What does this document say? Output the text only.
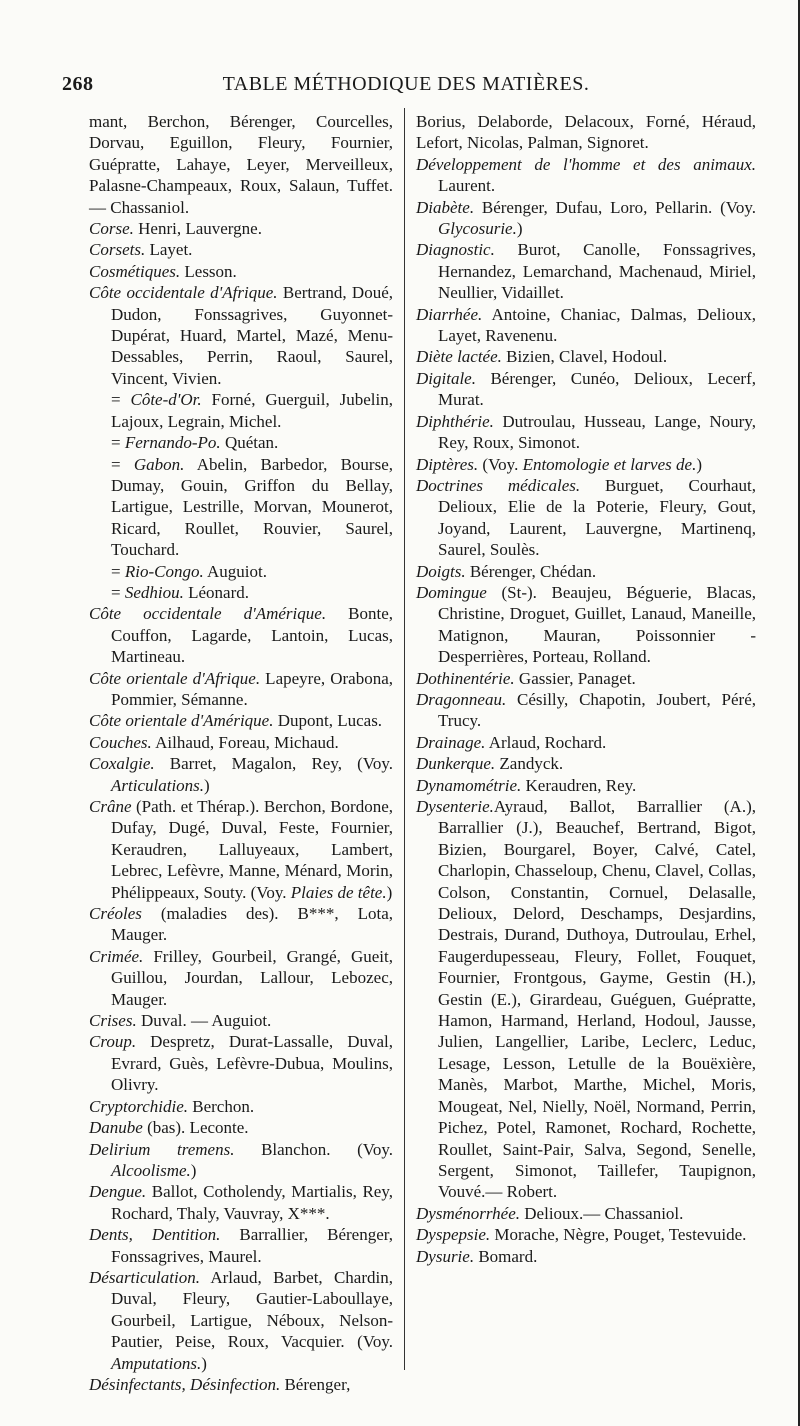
268	TABLE MÉTHODIQUE DES MATIÈRES.

mant, Berchon, Bérenger, Courcelles, Dorvau, Eguillon, Fleury, Fournier, Guépratte, Lahaye, Leyer, Merveilleux, Palasne-Champeaux, Roux, Salaun, Tuffet. — Chassaniol.

Corse. Henri, Lauvergne.

Corsets. Layet.

Cosmétiques. Lesson.

Côte occidentale d'Afrique. Bertrand, Doué, Dudon, Fonssagrives, Guyonnet-Dupérat, Huard, Martel, Mazé, Menu-Dessables, Perrin, Raoul, Saurel, Vincent, Vivien.

= Côte-d'Or. Forné, Guerguil, Jubelin, Lajoux, Legrain, Michel.

= Fernando-Po. Quétan.

= Gabon. Abelin, Barbedor, Bourse, Dumay, Gouin, Griffon du Bellay, Lartigue, Lestrille, Morvan, Mounerot, Ricard, Roullet, Rouvier, Saurel, Touchard.

= Rio-Congo. Auguiot.

= Sedhiou. Léonard.

Côte occidentale d'Amérique. Bonte, Couffon, Lagarde, Lantoin, Lucas, Martineau.

Côte orientale d'Afrique. Lapeyre, Orabona, Pommier, Sémanne.

Côte orientale d'Amérique. Dupont, Lucas.

Couches. Ailhaud, Foreau, Michaud.

Coxalgie. Barret, Magalon, Rey, (Voy. Articulations.)

Crâne (Path. et Thérap.). Berchon, Bordone, Dufay, Dugé, Duval, Feste, Fournier, Keraudren, Lalluyeaux, Lambert, Lebrec, Lefèvre, Manne, Ménard, Morin, Phélippeaux, Souty. (Voy. Plaies de tête.)

Créoles (maladies des). B***, Lota, Mauger.

Crimée. Frilley, Gourbeil, Grangé, Gueit, Guillou, Jourdan, Lallour, Lebozec, Mauger.

Crises. Duval. — Auguiot.

Croup. Despretz, Durat-Lassalle, Duval, Evrard, Guès, Lefèvre-Dubua, Moulins, Olivry.

Cryptorchidie. Berchon.

Danube (bas). Leconte.

Delirium tremens. Blanchon. (Voy. Alcoolisme.)

Dengue. Ballot, Cotholendy, Martialis, Rey, Rochard, Thaly, Vauvray, X***.

Dents, Dentition. Barrallier, Bérenger, Fonssagrives, Maurel.

Désarticulation. Arlaud, Barbet, Chardin, Duval, Fleury, Gautier-Laboullaye, Gourbeil, Lartigue, Néboux, Nelson-Pautier, Peise, Roux, Vacquier. (Voy. Amputations.)

Désinfectants, Désinfection. Bérenger,

Borius, Delaborde, Delacoux, Forné, Héraud, Lefort, Nicolas, Palman, Signoret.

Développement de l'homme et des animaux. Laurent.

Diabète. Bérenger, Dufau, Loro, Pellarin. (Voy. Glycosurie.)

Diagnostic. Burot, Canolle, Fonssagrives, Hernandez, Lemarchand, Machenaud, Miriel, Neullier, Vidaillet.

Diarrhée. Antoine, Chaniac, Dalmas, Delioux, Layet, Ravenenu.

Diète lactée. Bizien, Clavel, Hodoul.

Digitale. Bérenger, Cunéo, Delioux, Lecerf, Murat.

Diphthérie. Dutroulau, Husseau, Lange, Noury, Rey, Roux, Simonot.

Diptères. (Voy. Entomologie et larves de.)

Doctrines médicales. Burguet, Courhaut, Delioux, Elie de la Poterie, Fleury, Gout, Joyand, Laurent, Lauvergne, Martinenq, Saurel, Soulès.

Doigts. Bérenger, Chédan.

Domingue (St-). Beaujeu, Béguerie, Blacas, Christine, Droguet, Guillet, Lanaud, Maneille, Matignon, Mauran, Poissonnier - Desperrières, Porteau, Rolland.

Dothinentérie. Gassier, Panaget.

Dragonneau. Césilly, Chapotin, Joubert, Péré, Trucy.

Drainage. Arlaud, Rochard.

Dunkerque. Zandyck.

Dynamométrie. Keraudren, Rey.

Dysenterie.Ayraud, Ballot, Barrallier (A.), Barrallier (J.), Beauchef, Bertrand, Bigot, Bizien, Bourgarel, Boyer, Calvé, Catel, Charlopin, Chasseloup, Chenu, Clavel, Collas, Colson, Constantin, Cornuel, Delasalle, Delioux, Delord, Deschamps, Desjardins, Destrais, Durand, Duthoya, Dutroulau, Erhel, Faugerdupesseau, Fleury, Follet, Fouquet, Fournier, Frontgous, Gayme, Gestin (H.), Gestin (E.), Girardeau, Guéguen, Guépratte, Hamon, Harmand, Herland, Hodoul, Jausse, Julien, Langellier, Laribe, Leclerc, Leduc, Lesage, Lesson, Letulle de la Bouëxière, Manès, Marbot, Marthe, Michel, Moris, Mougeat, Nel, Nielly, Noël, Normand, Perrin, Pichez, Potel, Ramonet, Rochard, Rochette, Roullet, Saint-Pair, Salva, Segond, Senelle, Sergent, Simonot, Taillefer, Taupignon, Vouvé.— Robert.

Dysménorrhée. Delioux.— Chassaniol.

Dyspepsie. Morache, Nègre, Pouget, Testevuide.

Dysurie. Bomard.
